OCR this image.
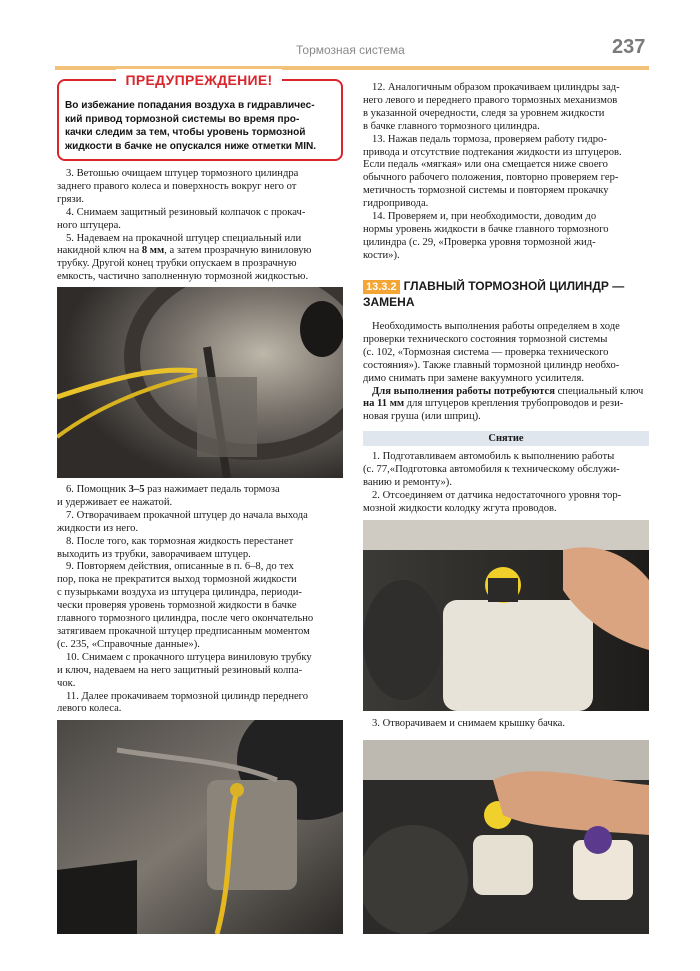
Тормозная система	237
ПРЕДУПРЕЖДЕНИЕ!
Во избежание попадания воздуха в гидравличес-
кий привод тормозной системы во время про-
качки следим за тем, чтобы уровень тормозной
жидкости в бачке не опускался ниже отметки MIN.

3. Ветошью очищаем штуцер тормозного цилиндра
заднего правого колеса и поверхность вокруг него от
грязи.

4. Снимаем защитный резиновый колпачок с прокач-
ного штуцера.

5. Надеваем на прокачной штуцер специальный или
накидной ключ на 8 мм, а затем прозрачную виниловую
трубку. Другой конец трубки опускаем в прозрачную
емкость, частично заполненную тормозной жидкостью.

6. Помощник 3–5 раз нажимает педаль тормоза
и удерживает ее нажатой.

7. Отворачиваем прокачной штуцер до начала выхода
жидкости из него.

8. После того, как тормозная жидкость перестанет
выходить из трубки, заворачиваем штуцер.

9. Повторяем действия, описанные в п. 6–8, до тех
пор, пока не прекратится выход тормозной жидкости
с пузырьками воздуха из штуцера цилиндра, периоди-
чески проверяя уровень тормозной жидкости в бачке
главного тормозного цилиндра, после чего окончательно
затягиваем прокачной штуцер предписанным моментом
(с. 235, «Справочные данные»).

10. Снимаем с прокачного штуцера виниловую трубку
и ключ, надеваем на него защитный резиновый колпа-
чок.

11. Далее прокачиваем тормозной цилиндр переднего
левого колеса.

12. Аналогичным образом прокачиваем цилиндры зад-
него левого и переднего правого тормозных механизмов
в указанной очередности, следя за уровнем жидкости
в бачке главного тормозного цилиндра.

13. Нажав педаль тормоза, проверяем работу гидро-
привода и отсутствие подтекания жидкости из штуцеров.
Если педаль «мягкая» или она смещается ниже своего
обычного рабочего положения, повторно проверяем гер-
метичность тормозной системы и повторяем прокачку
гидропривода.

14. Проверяем и, при необходимости, доводим до
нормы уровень жидкости в бачке главного тормозного
цилиндра (с. 29, «Проверка уровня тормозной жид-
кости»).

13.3.2 ГЛАВНЫЙ ТОРМОЗНОЙ ЦИЛИНДР —
ЗАМЕНА

Необходимость выполнения работы определяем в ходе
проверки технического состояния тормозной системы
(с. 102, «Тормозная система — проверка технического
состояния»). Также главный тормозной цилиндр необхо-
димо снимать при замене вакуумного усилителя.

Для выполнения работы потребуются специальный ключ
на 11 мм для штуцеров крепления трубопроводов и рези-
новая груша (или шприц).

Снятие

1. Подготавливаем автомобиль к выполнению работы
(с. 77,«Подготовка автомобиля к техническому обслужи-
ванию и ремонту»).

2. Отсоединяем от датчика недостаточного уровня тор-
мозной жидкости колодку жгута проводов.

3. Отворачиваем и снимаем крышку бачка.
